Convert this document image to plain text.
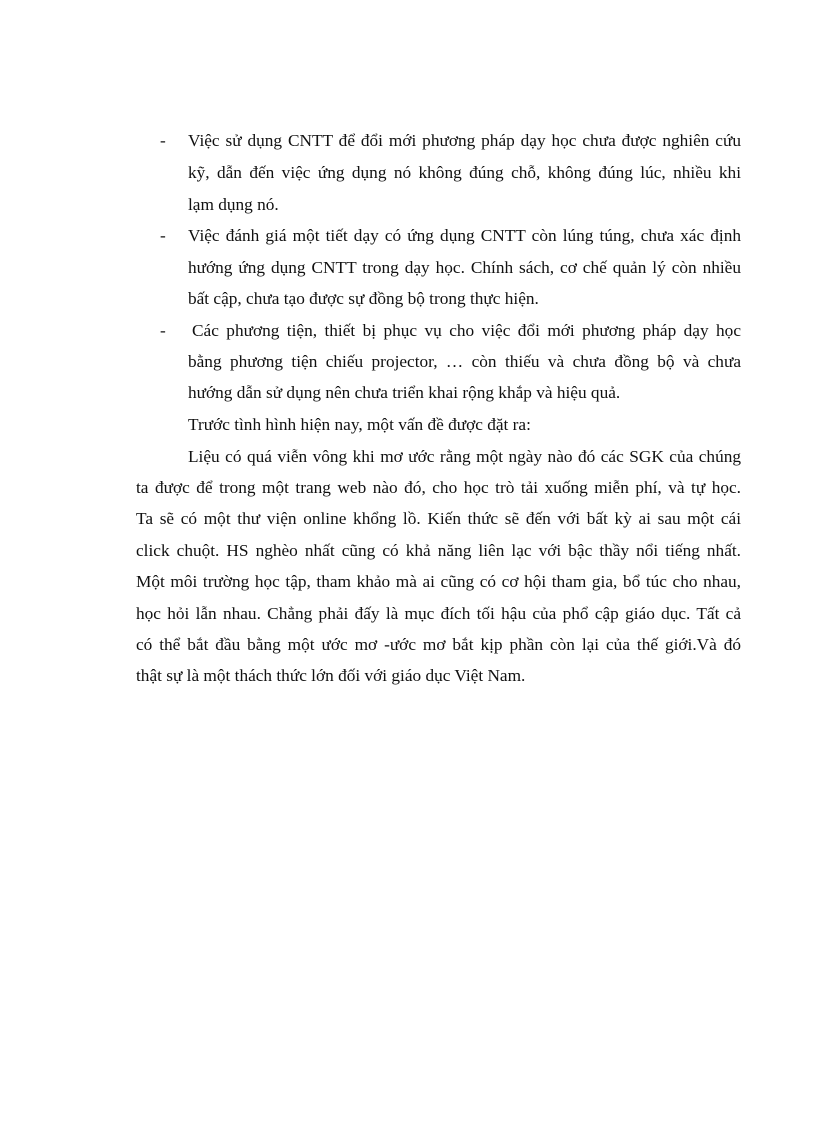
- Việc sử dụng CNTT để đổi mới phương pháp dạy học chưa được nghiên cứu

kỹ, dẫn đến việc ứng dụng nó không đúng chỗ, không đúng lúc, nhiều khi

lạm dụng nó.

- Việc đánh giá một tiết dạy có ứng dụng CNTT còn lúng túng, chưa xác định

hướng ứng dụng CNTT trong dạy học. Chính sách, cơ chế quản lý còn nhiều

bất cập, chưa tạo được sự đồng bộ trong thực hiện.

- Các phương tiện, thiết bị phục vụ cho việc đổi mới phương pháp dạy học

bằng phương tiện chiếu projector, … còn thiếu và chưa đồng bộ và chưa

hướng dẫn sử dụng nên chưa triển khai rộng khắp và hiệu quả.

Trước tình hình hiện nay, một vấn đề được đặt ra:

Liệu có quá viễn vông khi mơ ước rằng một ngày nào đó các SGK của chúng

ta được để trong một trang web nào đó, cho học trò tải xuống miễn phí, và tự học.

Ta sẽ có một thư viện online khổng lồ. Kiến thức sẽ đến với bất kỳ ai sau một cái

click chuột. HS nghèo nhất cũng có khả năng liên lạc với bậc thầy nổi tiếng nhất.

Một môi trường học tập, tham khảo mà ai cũng có cơ hội tham gia, bổ túc cho nhau,

học hỏi lẫn nhau. Chẳng phải đấy là mục đích tối hậu của phổ cập giáo dục. Tất cả

có thể bắt đầu bằng một ước mơ -ước mơ bắt kịp phần còn lại của thế giới.Và đó

thật sự là một thách thức lớn đối với giáo dục Việt Nam.
